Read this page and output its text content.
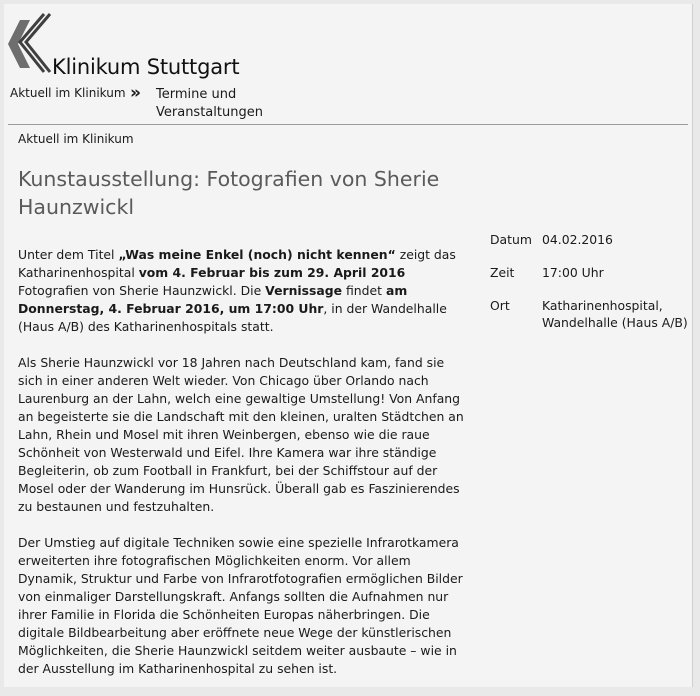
Klinikum Stuttgart
Aktuell im Klinikum » Termine und Veranstaltungen
Aktuell im Klinikum
Kunstausstellung: Fotografien von Sherie Haunzwickl

Unter dem Titel „Was meine Enkel (noch) nicht kennen“ zeigt das Katharinenhospital vom 4. Februar bis zum 29. April 2016 Fotografien von Sherie Haunzwickl. Die Vernissage findet am Donnerstag, 4. Februar 2016, um 17:00 Uhr, in der Wandelhalle (Haus A/B) des Katharinenhospitals statt.

Als Sherie Haunzwickl vor 18 Jahren nach Deutschland kam, fand sie sich in einer anderen Welt wieder. Von Chicago über Orlando nach Laurenburg an der Lahn, welch eine gewaltige Umstellung! Von Anfang an begeisterte sie die Landschaft mit den kleinen, uralten Städtchen an Lahn, Rhein und Mosel mit ihren Weinbergen, ebenso wie die raue Schönheit von Westerwald und Eifel. Ihre Kamera war ihre ständige Begleiterin, ob zum Football in Frankfurt, bei der Schiffstour auf der Mosel oder der Wanderung im Hunsrück. Überall gab es Faszinierendes zu bestaunen und festzuhalten.

Der Umstieg auf digitale Techniken sowie eine spezielle Infrarotkamera erweiterten ihre fotografischen Möglichkeiten enorm. Vor allem Dynamik, Struktur und Farbe von Infrarotfotografien ermöglichen Bilder von einmaliger Darstellungskraft. Anfangs sollten die Aufnahmen nur ihrer Familie in Florida die Schönheiten Europas näherbringen. Die digitale Bildbearbeitung aber eröffnete neue Wege der künstlerischen Möglichkeiten, die Sherie Haunzwickl seitdem weiter ausbaute – wie in der Ausstellung im Katharinenhospital zu sehen ist.

Datum 04.02.2016
Zeit 17:00 Uhr
Ort	Katharinenhospital, Wandelhalle (Haus A/B)
